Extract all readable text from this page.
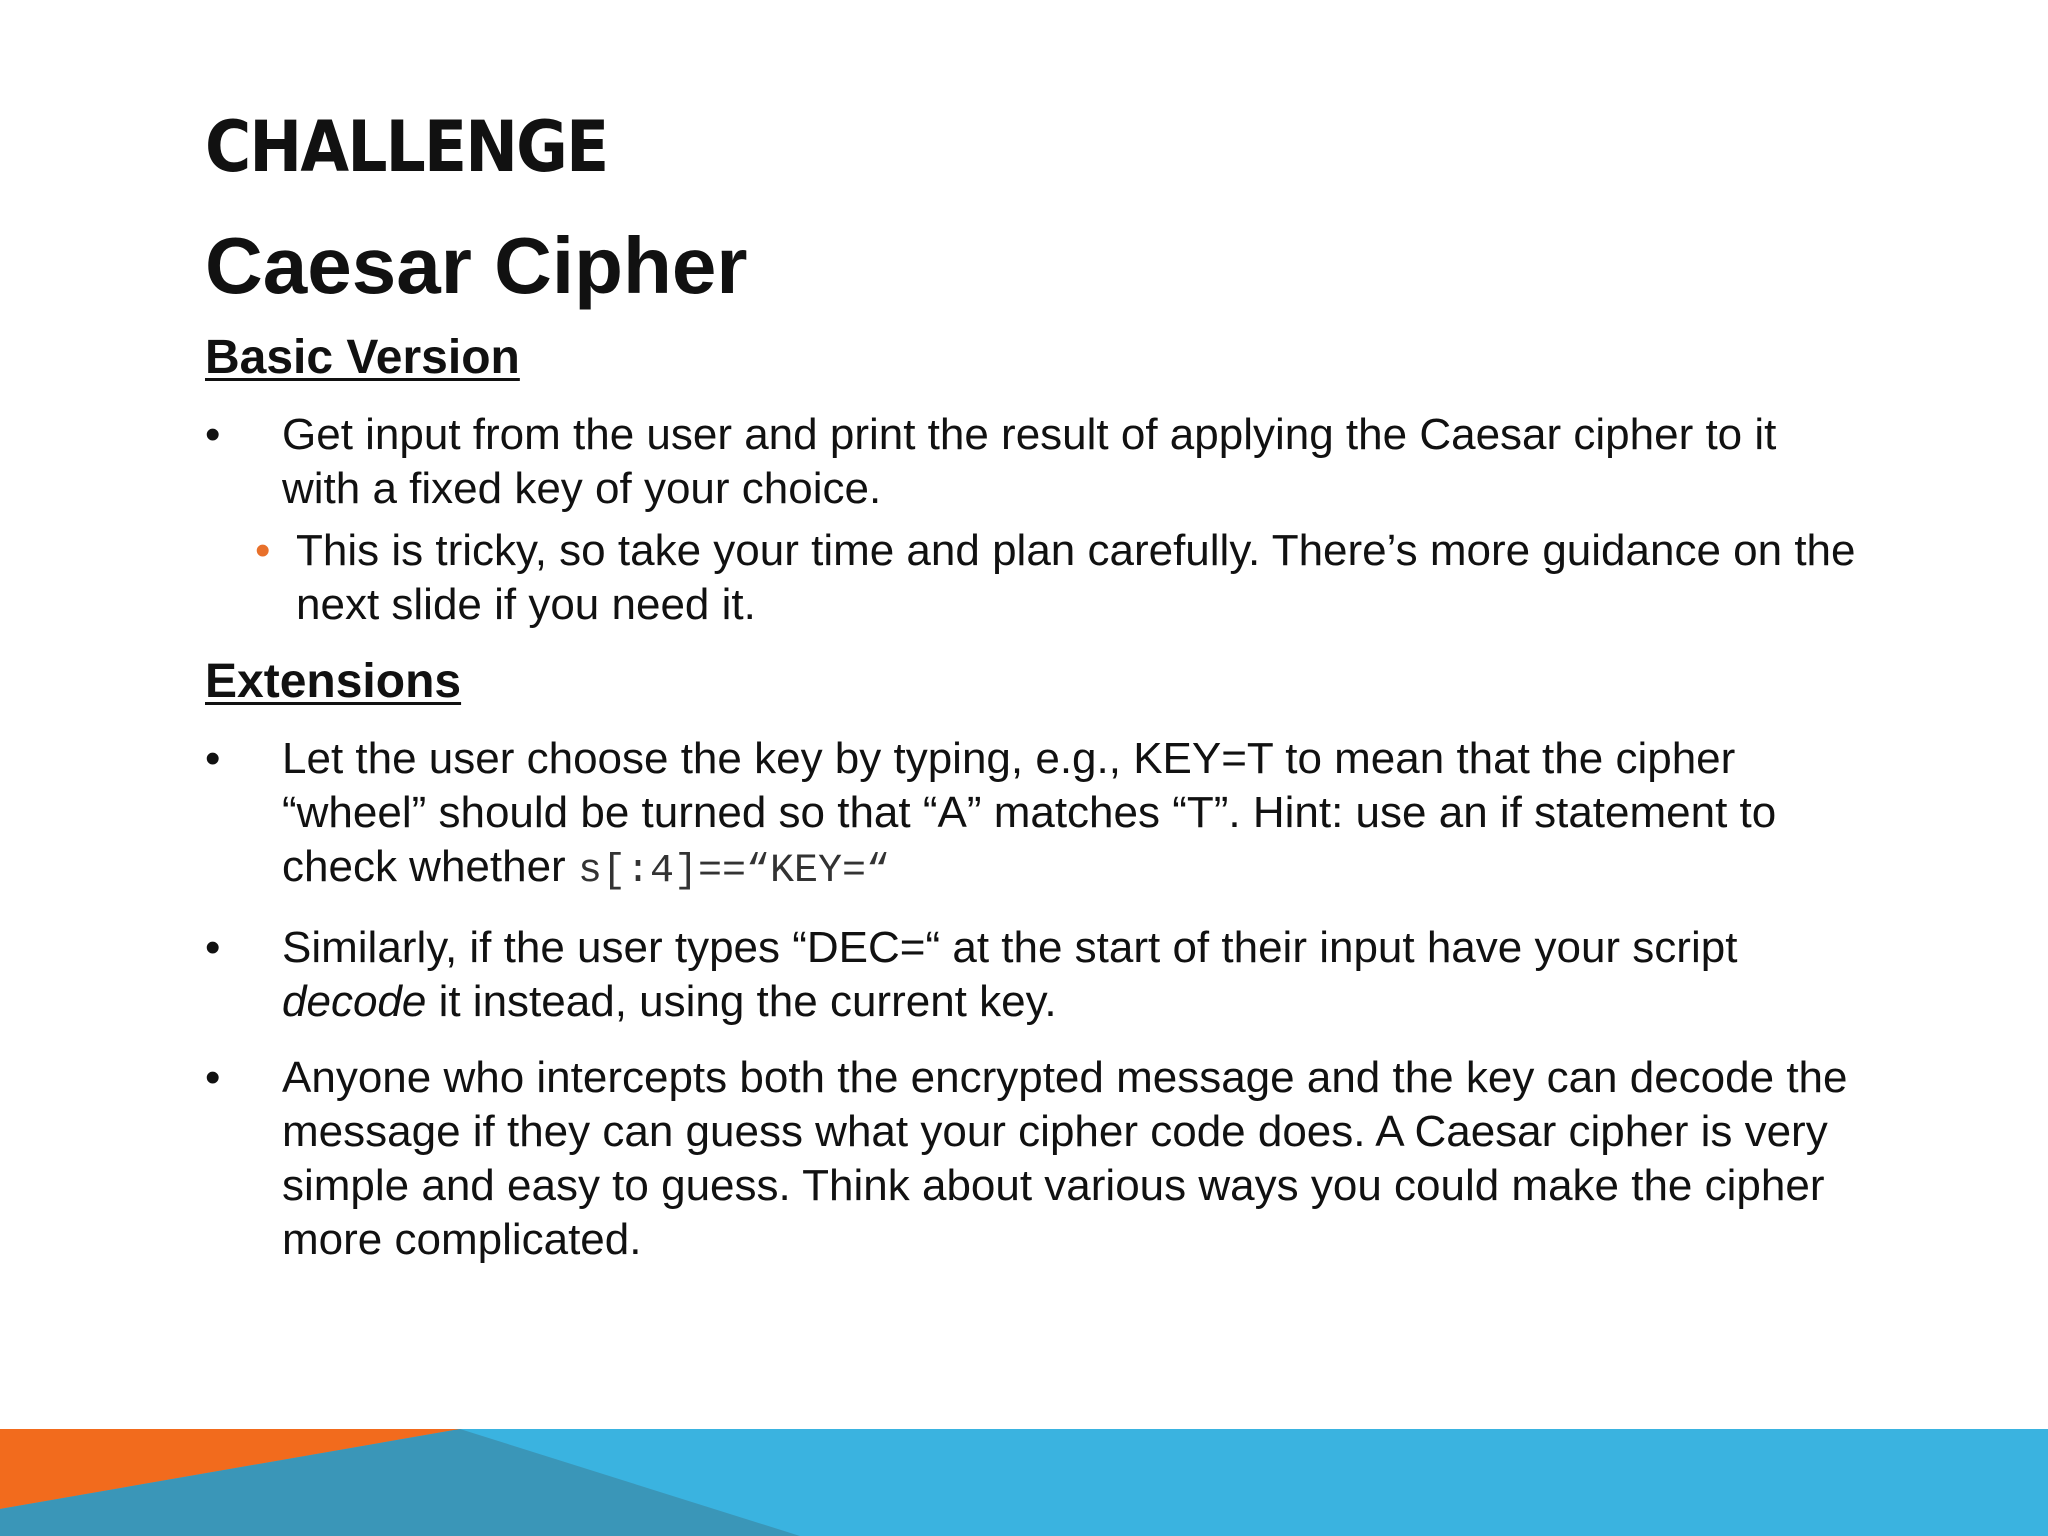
CHALLENGE
Caesar Cipher

Basic Version

•	Get input from the user and print the result of applying the Caesar cipher to it with a fixed key of your choice.
• This is tricky, so take your time and plan carefully. There’s more guidance on the next slide if you need it.

Extensions

•	Let the user choose the key by typing, e.g., KEY=T to mean that the cipher “wheel” should be turned so that “A” matches “T”. Hint: use an if statement to check whether s[:4]==“KEY=“
•	Similarly, if the user types “DEC=“ at the start of their input have your script decode it instead, using the current key.
•	Anyone who intercepts both the encrypted message and the key can decode the message if they can guess what your cipher code does. A Caesar cipher is very simple and easy to guess. Think about various ways you could make the cipher more complicated.
